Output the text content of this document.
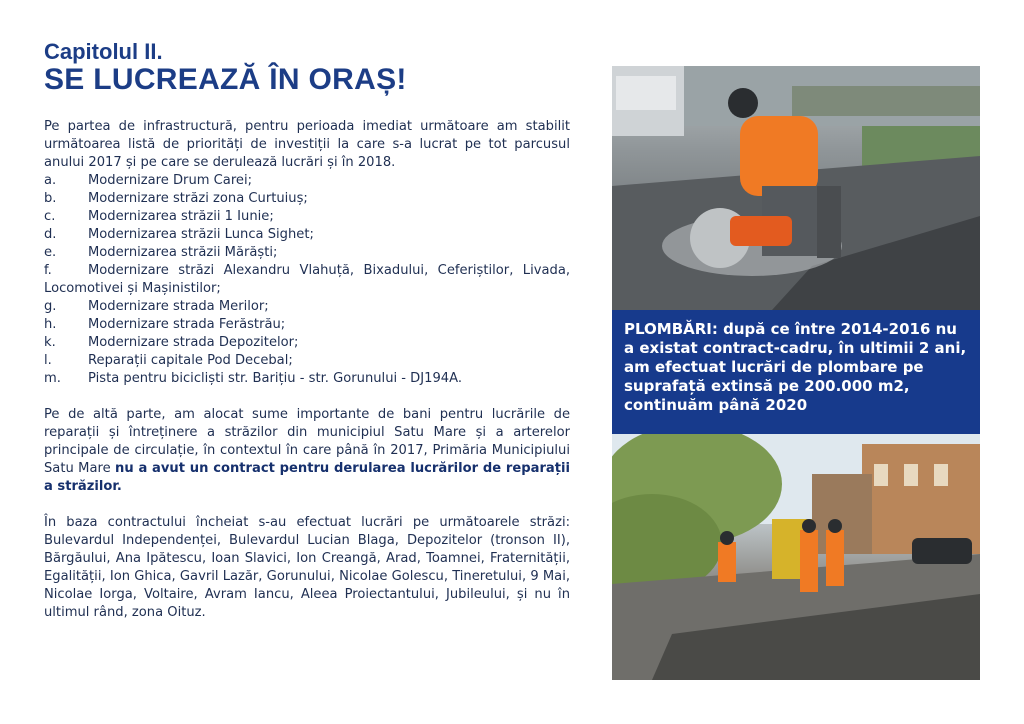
Capitolul II.
SE LUCREAZĂ ÎN ORAȘ!

Pe partea de infrastructură, pentru perioada imediat următoare am stabilit următoarea listă de priorități de investiții la care s-a lucrat pe tot parcusul anului 2017 și pe care se derulează lucrări și în 2018.

a. Modernizare Drum Carei;
b. Modernizare străzi zona Curtuiuș;
c. Modernizarea străzii 1 Iunie;
d. Modernizarea străzii Lunca Sighet;
e. Modernizarea străzii Mărăști;
f.	Modernizare străzi Alexandru Vlahuță, Bixadului, Ceferiștilor, Livada, Locomotivei și Mașinistilor;
g. Modernizare strada Merilor;
h. Modernizare strada Ferăstrău;
k. Modernizare strada Depozitelor;
l.	Reparații capitale Pod Decebal;
m. Pista pentru bicicliști str. Barițiu - str. Gorunului - DJ194A.

Pe de altă parte, am alocat sume importante de bani pentru lucrările de reparații și întreținere a străzilor din municipiul Satu Mare și a arterelor principale de circulație, în contextul în care până în 2017, Primăria Municipiului Satu Mare nu a avut un contract pentru derularea lucrărilor de reparații a străzilor.

În baza contractului încheiat s-au efectuat lucrări pe următoarele străzi: Bulevardul Independenței, Bulevardul Lucian Blaga, Depozitelor (tronson II), Bărgăului, Ana Ipătescu, Ioan Slavici, Ion Creangă, Arad, Toamnei, Fraternității, Egalității, Ion Ghica, Gavril Lazăr, Gorunului, Nicolae Golescu, Tineretului, 9 Mai, Nicolae Iorga, Voltaire, Avram Iancu, Aleea Proiectantului, Jubileului, și nu în ultimul rând, zona Oituz.

PLOMBĂRI: după ce între 2014-2016 nu a existat contract-cadru, în ultimii 2 ani, am efectuat lucrări de plombare pe suprafață extinsă pe 200.000 m2, continuăm până 2020
